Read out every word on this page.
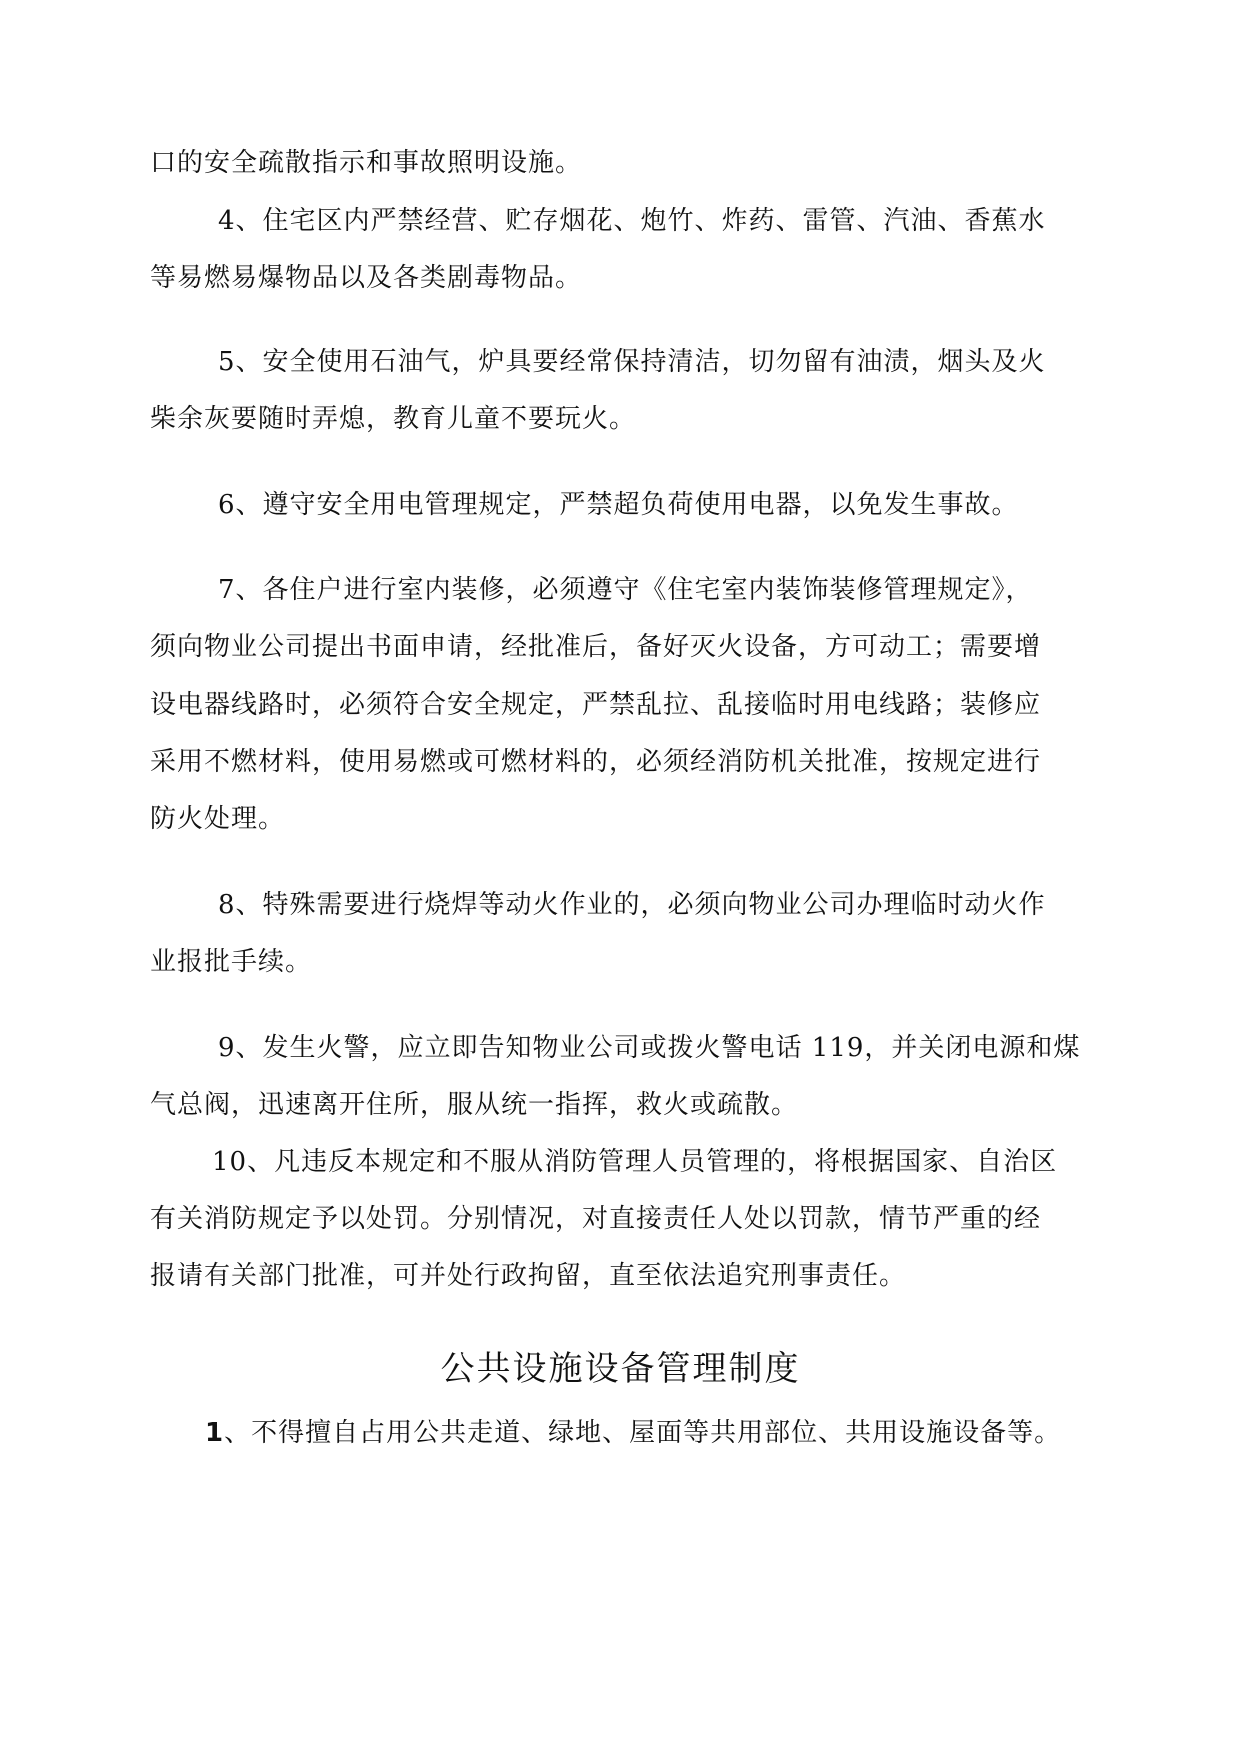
口的安全疏散指示和事故照明设施。
4、住宅区内严禁经营、贮存烟花、炮竹、炸药、雷管、汽油、香蕉水
等易燃易爆物品以及各类剧毒物品。
5、安全使用石油气，炉具要经常保持清洁，切勿留有油渍，烟头及火
柴余灰要随时弄熄，教育儿童不要玩火。
6、遵守安全用电管理规定，严禁超负荷使用电器，以免发生事故。
7、各住户进行室内装修，必须遵守《住宅室内装饰装修管理规定》，
须向物业公司提出书面申请，经批准后，备好灭火设备，方可动工；需要增
设电器线路时，必须符合安全规定，严禁乱拉、乱接临时用电线路；装修应
采用不燃材料，使用易燃或可燃材料的，必须经消防机关批准，按规定进行
防火处理。
8、特殊需要进行烧焊等动火作业的，必须向物业公司办理临时动火作
业报批手续。
9、发生火警，应立即告知物业公司或拨火警电话 119，并关闭电源和煤
气总阀，迅速离开住所，服从统一指挥，救火或疏散。
10、凡违反本规定和不服从消防管理人员管理的，将根据国家、自治区
有关消防规定予以处罚。分别情况，对直接责任人处以罚款，情节严重的经
报请有关部门批准，可并处行政拘留，直至依法追究刑事责任。
公共设施设备管理制度
1、不得擅自占用公共走道、绿地、屋面等共用部位、共用设施设备等。
